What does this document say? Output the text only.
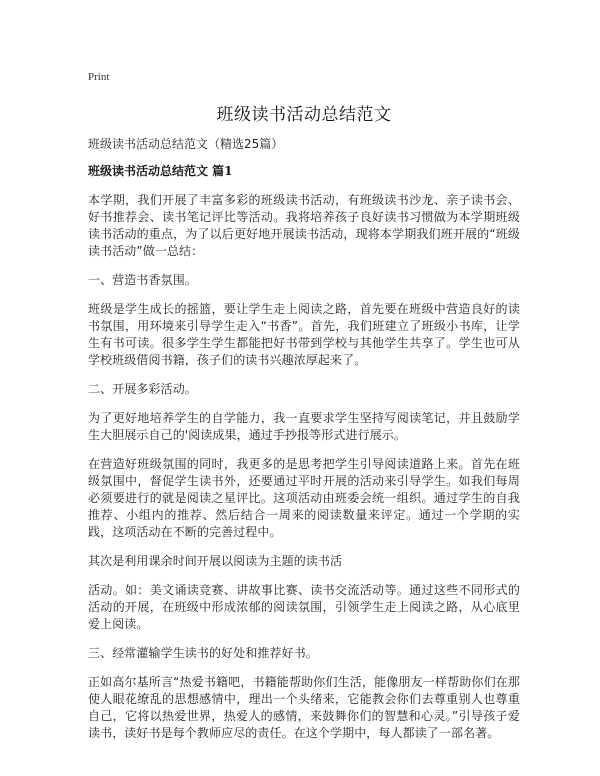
Print
班级读书活动总结范文
班级读书活动总结范文（精选25篇）
班级读书活动总结范文 篇1

本学期，我们开展了丰富多彩的班级读书活动，有班级读书沙龙、亲子读书会、好书推荐会、读书笔记评比等活动。我将培养孩子良好读书习惯做为本学期班级读书活动的重点，为了以后更好地开展读书活动，现将本学期我们班开展的“班级读书活动”做一总结：

一、营造书香氛围。

班级是学生成长的摇篮，要让学生走上阅读之路，首先要在班级中营造良好的读书氛围，用环境来引导学生走入“书香”。首先，我们班建立了班级小书库，让学生有书可读。很多学生学生都能把好书带到学校与其他学生共享了。学生也可从学校班级借阅书籍，孩子们的读书兴趣浓厚起来了。

二、开展多彩活动。

为了更好地培养学生的自学能力，我一直要求学生坚持写阅读笔记，并且鼓励学生大胆展示自己的'阅读成果，通过手抄报等形式进行展示。

在营造好班级氛围的同时，我更多的是思考把学生引导阅读道路上来。首先在班级氛围中，督促学生读书外，还要通过平时开展的活动来引导学生。如我们每周必须要进行的就是阅读之星评比。这项活动由班委会统一组织。通过学生的自我推荐、小组内的推荐、然后结合一周来的阅读数量来评定。通过一个学期的实践，这项活动在不断的完善过程中。

其次是利用课余时间开展以阅读为主题的读书活

活动。如：美文诵读竞赛、讲故事比赛、读书交流活动等。通过这些不同形式的活动的开展，在班级中形成浓郁的阅读氛围，引领学生走上阅读之路，从心底里爱上阅读。

三、经常灌输学生读书的好处和推荐好书。

正如高尔基所言“热爱书籍吧，书籍能帮助你们生活，能像朋友一样帮助你们在那使人眼花缭乱的思想感情中，理出一个头绪来，它能教会你们去尊重别人也尊重自己，它将以热爱世界，热爱人的感情，来鼓舞你们的智慧和心灵。”引导孩子爱读书，读好书是每个教师应尽的责任。在这个学期中，每人都读了一部名著。
